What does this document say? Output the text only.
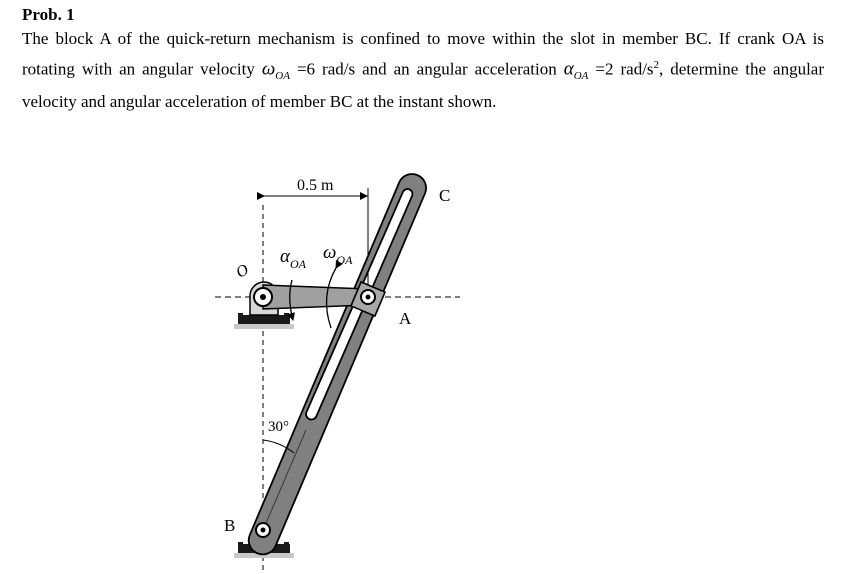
Prob. 1

The block A of the quick-return mechanism is confined to move within the slot in member BC. If crank OA is rotating with an angular velocity $\omega_{OA} =6$ rad/s and an angular acceleration $\alpha_{OA} =2$ rad/$s^2$, determine the angular velocity and angular acceleration of member BC at the instant shown.

0.5 m
C
A
B
O
30°
$\alpha_{OA}$
$\omega_{OA}$
